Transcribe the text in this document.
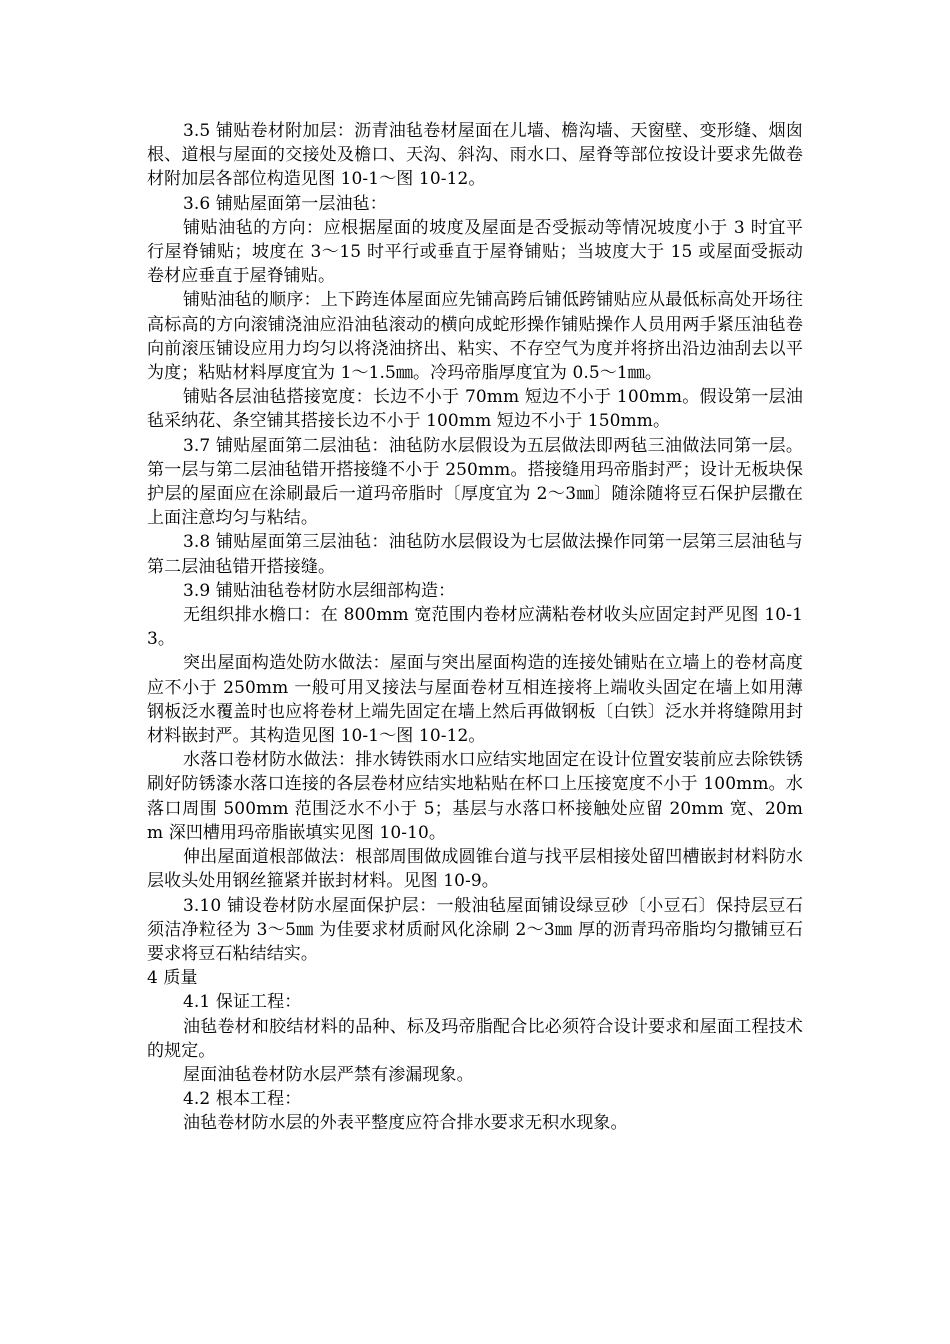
3.5 铺贴卷材附加层：沥青油毡卷材屋面在儿墙、檐沟墙、天窗壁、变形缝、烟囱根、道根与屋面的交接处及檐口、天沟、斜沟、雨水口、屋脊等部位按设计要求先做卷材附加层各部位构造见图 10-1～图 10-12。

3.6 铺贴屋面第一层油毡：

铺贴油毡的方向：应根据屋面的坡度及屋面是否受振动等情况坡度小于 3 时宜平行屋脊铺贴；坡度在 3～15 时平行或垂直于屋脊铺贴；当坡度大于 15 或屋面受振动卷材应垂直于屋脊铺贴。

铺贴油毡的顺序：上下跨连体屋面应先铺高跨后铺低跨铺贴应从最低标高处开场往高标高的方向滚铺浇油应沿油毡滚动的横向成蛇形操作铺贴操作人员用两手紧压油毡卷向前滚压铺设应用力均匀以将浇油挤出、粘实、不存空气为度并将挤出沿边油刮去以平为度；粘贴材料厚度宜为 1～1.5㎜。冷玛帝脂厚度宜为 0.5～1㎜。

铺贴各层油毡搭接宽度：长边不小于 70mm 短边不小于 100mm。假设第一层油毡采纳花、条空铺其搭接长边不小于 100mm 短边不小于 150mm。

3.7 铺贴屋面第二层油毡：油毡防水层假设为五层做法即两毡三油做法同第一层。第一层与第二层油毡错开搭接缝不小于 250mm。搭接缝用玛帝脂封严；设计无板块保护层的屋面应在涂刷最后一道玛帝脂时〔厚度宜为 2～3㎜〕随涂随将豆石保护层撒在上面注意均匀与粘结。

3.8 铺贴屋面第三层油毡：油毡防水层假设为七层做法操作同第一层第三层油毡与第二层油毡错开搭接缝。

3.9 铺贴油毡卷材防水层细部构造：

无组织排水檐口：在 800mm 宽范围内卷材应满粘卷材收头应固定封严见图 10-13。

突出屋面构造处防水做法：屋面与突出屋面构造的连接处铺贴在立墙上的卷材高度应不小于 250mm 一般可用叉接法与屋面卷材互相连接将上端收头固定在墙上如用薄钢板泛水覆盖时也应将卷材上端先固定在墙上然后再做钢板〔白铁〕泛水并将缝隙用封材料嵌封严。其构造见图 10-1～图 10-12。

水落口卷材防水做法：排水铸铁雨水口应结实地固定在设计位置安装前应去除铁锈刷好防锈漆水落口连接的各层卷材应结实地粘贴在杯口上压接宽度不小于 100mm。水落口周围 500mm 范围泛水不小于 5；基层与水落口杯接触处应留 20mm 宽、20mm 深凹槽用玛帝脂嵌填实见图 10-10。

伸出屋面道根部做法：根部周围做成圆锥台道与找平层相接处留凹槽嵌封材料防水层收头处用钢丝箍紧并嵌封材料。见图 10-9。

3.10 铺设卷材防水屋面保护层：一般油毡屋面铺设绿豆砂〔小豆石〕保持层豆石须洁净粒径为 3～5㎜ 为佳要求材质耐风化涂刷 2～3㎜ 厚的沥青玛帝脂均匀撒铺豆石要求将豆石粘结结实。

4 质量

4.1 保证工程：

油毡卷材和胶结材料的品种、标及玛帝脂配合比必须符合设计要求和屋面工程技术的规定。

屋面油毡卷材防水层严禁有渗漏现象。

4.2 根本工程：

油毡卷材防水层的外表平整度应符合排水要求无积水现象。
